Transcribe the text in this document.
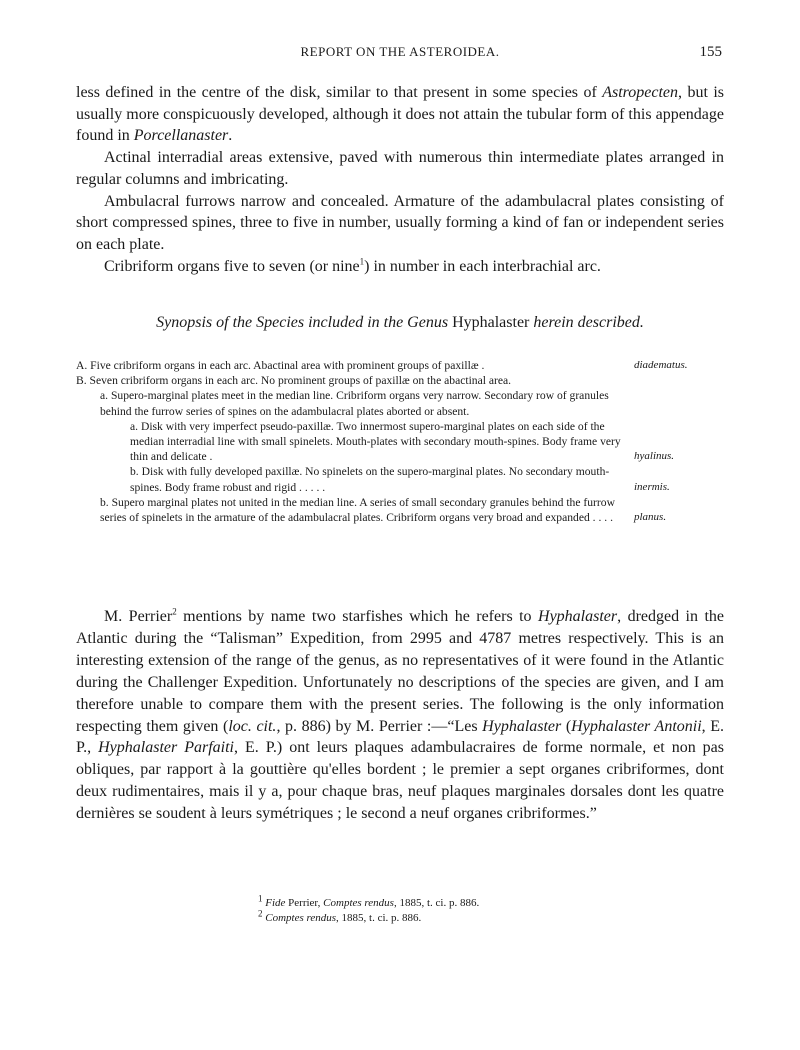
REPORT ON THE ASTEROIDEA.	155

less defined in the centre of the disk, similar to that present in some species of Astropecten, but is usually more conspicuously developed, although it does not attain the tubular form of this appendage found in Porcellanaster.

Actinal interradial areas extensive, paved with numerous thin intermediate plates arranged in regular columns and imbricating.

Ambulacral furrows narrow and concealed. Armature of the adambulacral plates consisting of short compressed spines, three to five in number, usually forming a kind of fan or independent series on each plate.

Cribriform organs five to seven (or nine$^1$) in number in each interbrachial arc.

Synopsis of the Species included in the Genus Hyphalaster herein described.
A. Five cribriform organs in each arc. Abactinal area with prominent groups of paxillæ .	diadematus.
B. Seven cribriform organs in each arc. No prominent groups of paxillæ on the abactinal area.
a. Supero-marginal plates meet in the median line. Cribriform organs very narrow. Secondary row of granules behind the furrow series of spines on the adambulacral plates aborted or absent.
a. Disk with very imperfect pseudo-paxillæ. Two innermost supero-marginal plates on each side of the median interradial line with small spinelets. Mouth-plates with secondary mouth-spines. Body frame very thin and delicate .	hyalinus.
b. Disk with fully developed paxillæ. No spinelets on the supero-marginal plates. No secondary mouth-spines. Body frame robust and rigid . . . . .	inermis.
b. Supero marginal plates not united in the median line. A series of small secondary granules behind the furrow series of spinelets in the armature of the adambulacral plates. Cribriform organs very broad and expanded . . . .	planus.

M. Perrier$^2$ mentions by name two starfishes which he refers to Hyphalaster, dredged in the Atlantic during the “Talisman” Expedition, from 2995 and 4787 metres respectively. This is an interesting extension of the range of the genus, as no representatives of it were found in the Atlantic during the Challenger Expedition. Unfortunately no descriptions of the species are given, and I am therefore unable to compare them with the present series. The following is the only information respecting them given (loc. cit., p. 886) by M. Perrier :—“Les Hyphalaster (Hyphalaster Antonii, E. P., Hyphalaster Parfaiti, E. P.) ont leurs plaques adambulacraires de forme normale, et non pas obliques, par rapport à la gouttière qu'elles bordent ; le premier a sept organes cribriformes, dont deux rudimentaires, mais il y a, pour chaque bras, neuf plaques marginales dorsales dont les quatre dernières se soudent à leurs symétriques ; le second a neuf organes cribriformes.”

$^1$ Fide Perrier, Comptes rendus, 1885, t. ci. p. 886.
$^2$ Comptes rendus, 1885, t. ci. p. 886.
